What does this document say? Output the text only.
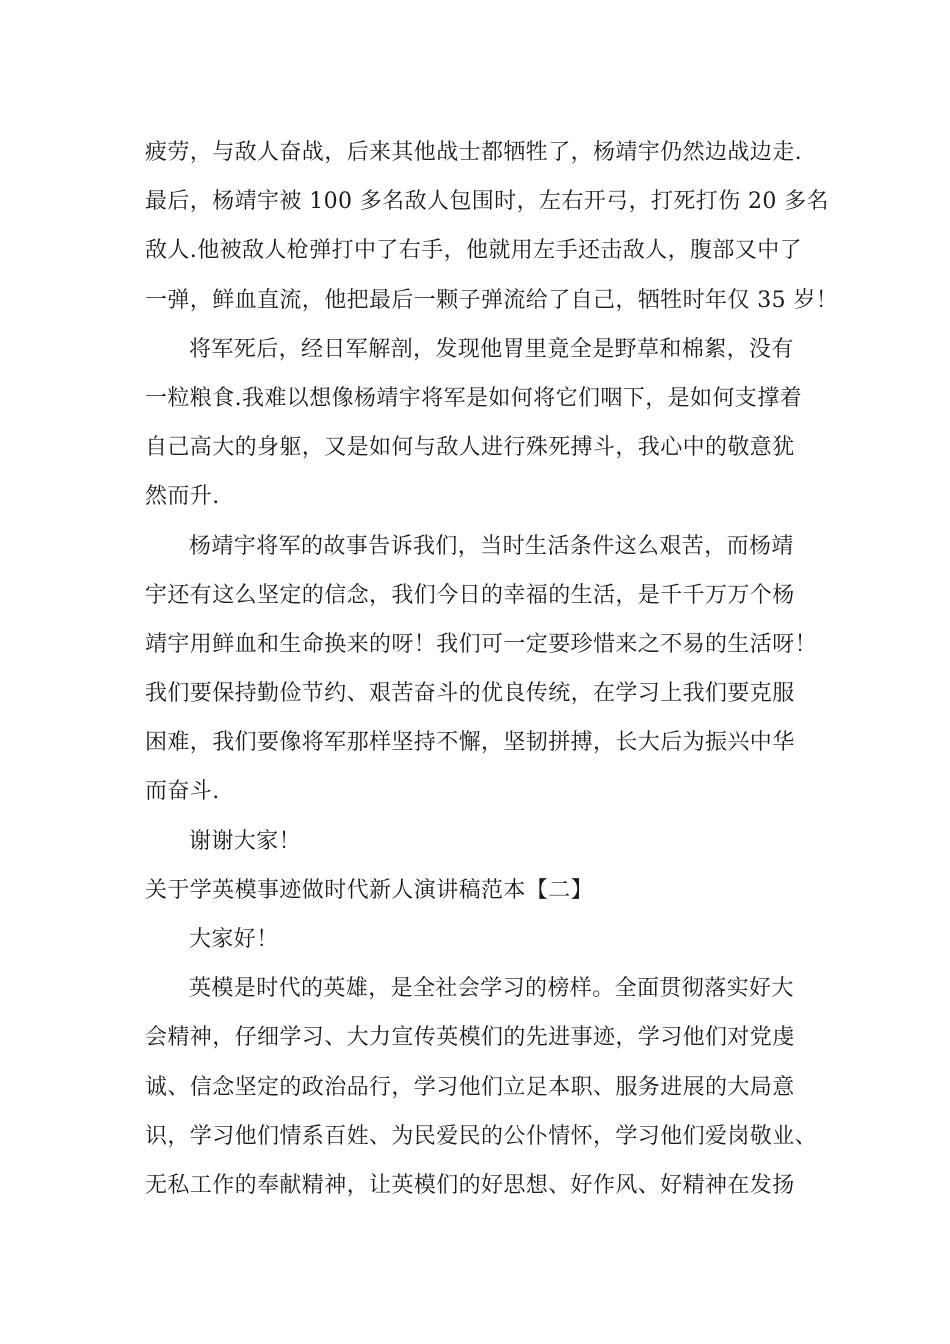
疲劳，与敌人奋战，后来其他战士都牺牲了，杨靖宇仍然边战边走.
最后，杨靖宇被 100 多名敌人包围时，左右开弓，打死打伤 20 多名
敌人.他被敌人枪弹打中了右手，他就用左手还击敌人，腹部又中了
一弹，鲜血直流，他把最后一颗子弹流给了自己，牺牲时年仅 35 岁！
将军死后，经日军解剖，发现他胃里竟全是野草和棉絮，没有
一粒粮食.我难以想像杨靖宇将军是如何将它们咽下，是如何支撑着
自己高大的身躯，又是如何与敌人进行殊死搏斗，我心中的敬意犹
然而升.
杨靖宇将军的故事告诉我们，当时生活条件这么艰苦，而杨靖
宇还有这么坚定的信念，我们今日的幸福的生活，是千千万万个杨
靖宇用鲜血和生命换来的呀！我们可一定要珍惜来之不易的生活呀！
我们要保持勤俭节约、艰苦奋斗的优良传统，在学习上我们要克服
困难，我们要像将军那样坚持不懈，坚韧拼搏，长大后为振兴中华
而奋斗.
谢谢大家！
关于学英模事迹做时代新人演讲稿范本【二】
大家好！
英模是时代的英雄，是全社会学习的榜样。全面贯彻落实好大
会精神，仔细学习、大力宣传英模们的先进事迹，学习他们对党虔
诚、信念坚定的政治品行，学习他们立足本职、服务进展的大局意
识，学习他们情系百姓、为民爱民的公仆情怀，学习他们爱岗敬业、
无私工作的奉献精神，让英模们的好思想、好作风、好精神在发扬
